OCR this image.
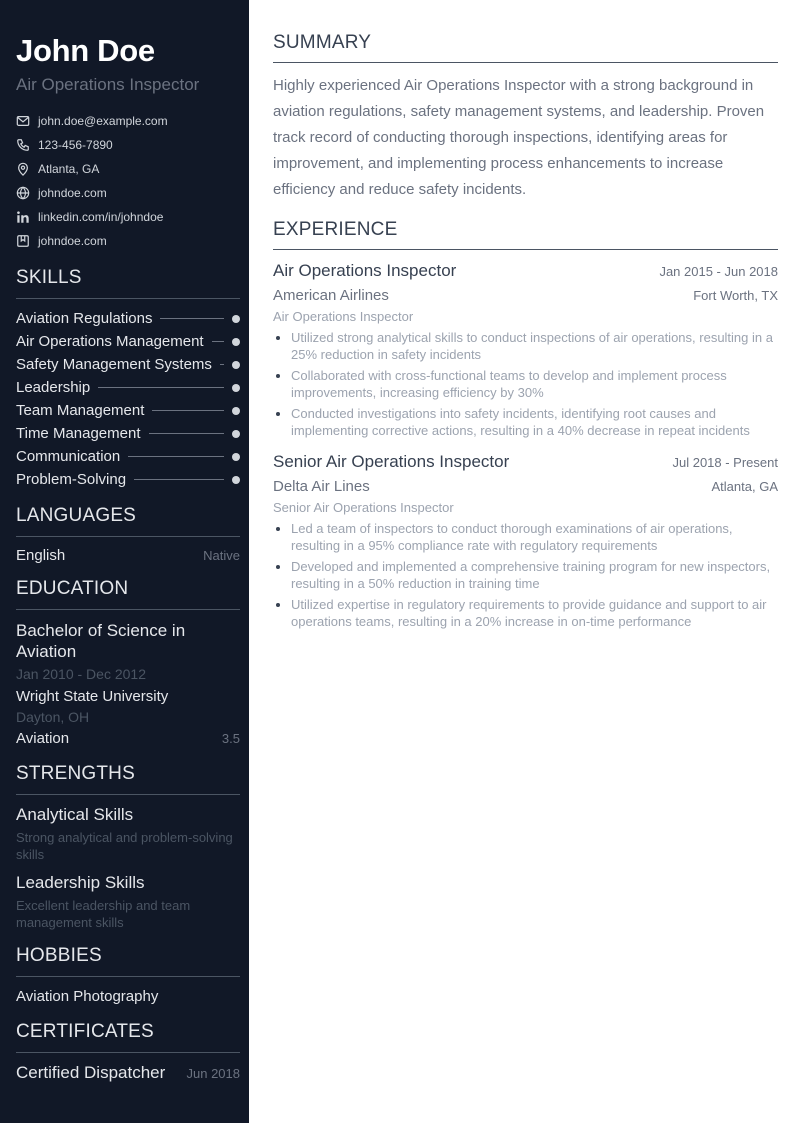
John Doe
Air Operations Inspector
john.doe@example.com
123-456-7890
Atlanta, GA
johndoe.com
linkedin.com/in/johndoe
johndoe.com
SKILLS
Aviation Regulations
Air Operations Management
Safety Management Systems
Leadership
Team Management
Time Management
Communication
Problem-Solving
LANGUAGES
English	Native
EDUCATION
Bachelor of Science in Aviation
Jan 2010 - Dec 2012
Wright State University
Dayton, OH
Aviation	3.5
STRENGTHS
Analytical Skills
Strong analytical and problem-solving skills
Leadership Skills
Excellent leadership and team management skills
HOBBIES
Aviation Photography
CERTIFICATES
Certified Dispatcher Jun 2018
SUMMARY

Highly experienced Air Operations Inspector with a strong background in aviation regulations, safety management systems, and leadership. Proven track record of conducting thorough inspections, identifying areas for improvement, and implementing process enhancements to increase efficiency and reduce safety incidents.

EXPERIENCE
Air Operations Inspector	Jan 2015 - Jun 2018
American Airlines	Fort Worth, TX
Air Operations Inspector
Utilized strong analytical skills to conduct inspections of air operations, resulting in a 25% reduction in safety incidents
Collaborated with cross-functional teams to develop and implement process improvements, increasing efficiency by 30%
Conducted investigations into safety incidents, identifying root causes and implementing corrective actions, resulting in a 40% decrease in repeat incidents
Senior Air Operations Inspector	Jul 2018 - Present
Delta Air Lines	Atlanta, GA
Senior Air Operations Inspector
Led a team of inspectors to conduct thorough examinations of air operations, resulting in a 95% compliance rate with regulatory requirements
Developed and implemented a comprehensive training program for new inspectors, resulting in a 50% reduction in training time
Utilized expertise in regulatory requirements to provide guidance and support to air operations teams, resulting in a 20% increase in on-time performance
